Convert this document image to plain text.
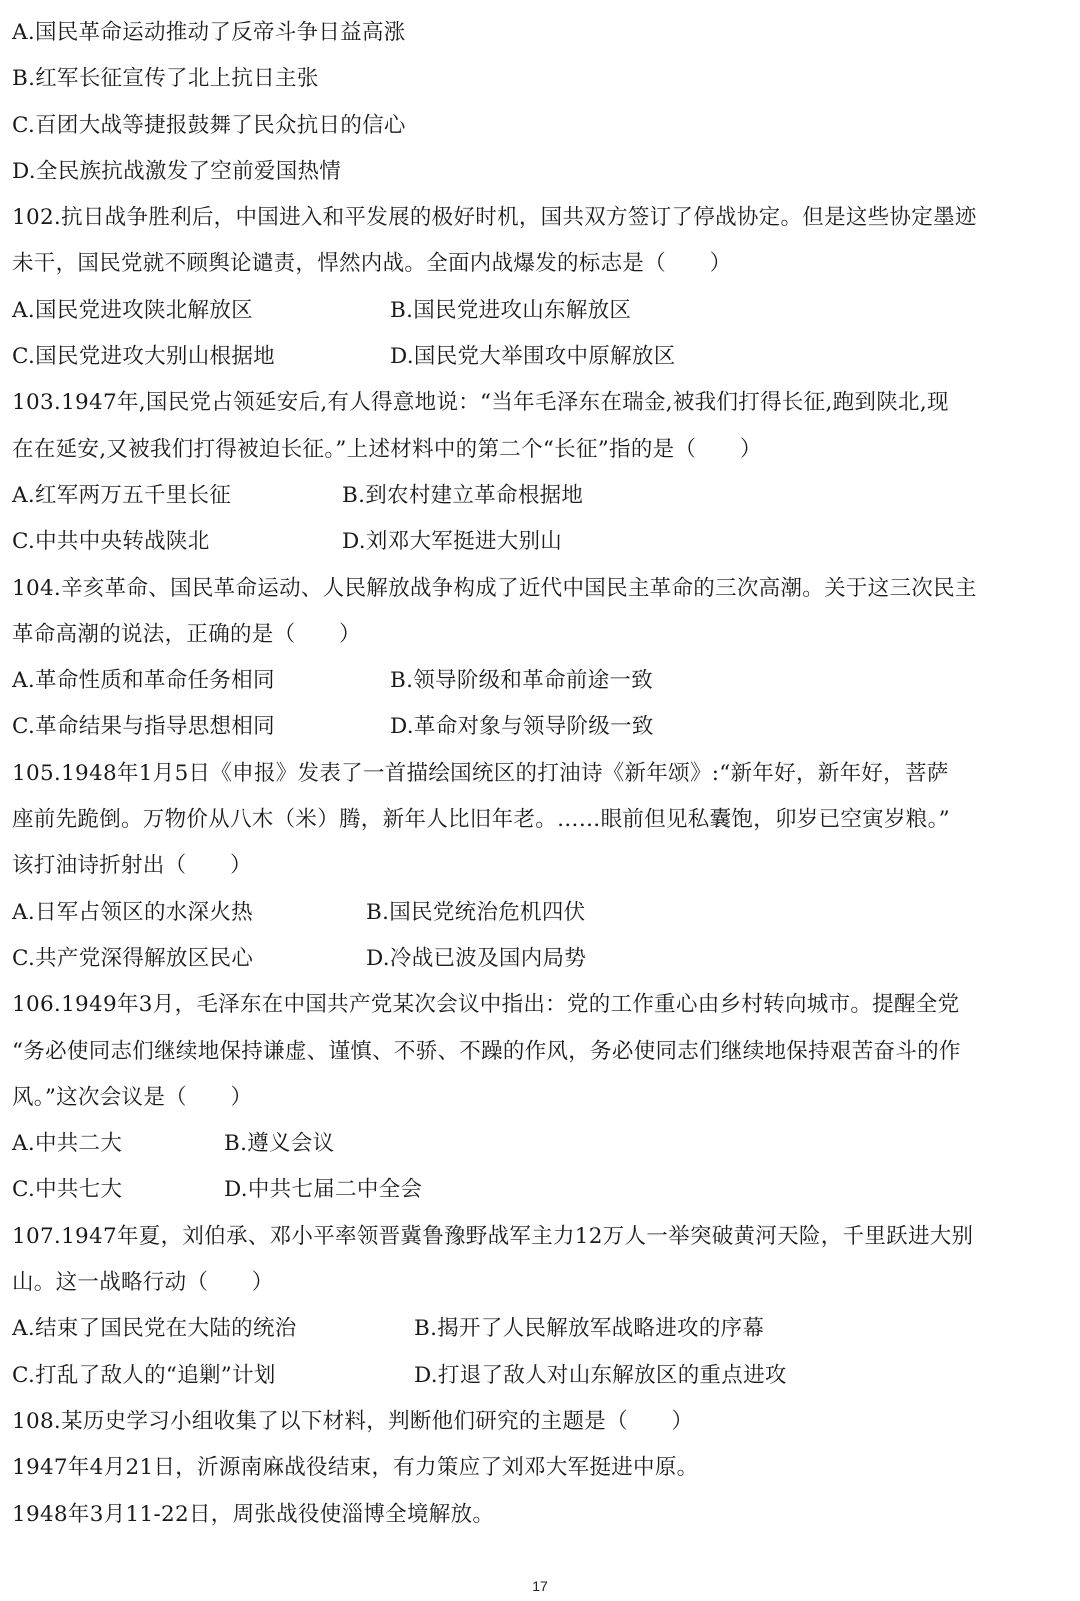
A.国民革命运动推动了反帝斗争日益高涨
B.红军长征宣传了北上抗日主张
C.百团大战等捷报鼓舞了民众抗日的信心
D.全民族抗战激发了空前爱国热情
102.抗日战争胜利后，中国进入和平发展的极好时机，国共双方签订了停战协定。但是这些协定墨迹
未干，国民党就不顾舆论谴责，悍然内战。全面内战爆发的标志是（　　）
A.国民党进攻陕北解放区	B.国民党进攻山东解放区
C.国民党进攻大别山根据地	D.国民党大举围攻中原解放区
103.1947年,国民党占领延安后,有人得意地说：“当年毛泽东在瑞金,被我们打得长征,跑到陕北,现
在在延安,又被我们打得被迫长征。”上述材料中的第二个“长征”指的是（　　）
A.红军两万五千里长征	B.到农村建立革命根据地
C.中共中央转战陕北	D.刘邓大军挺进大别山
104.辛亥革命、国民革命运动、人民解放战争构成了近代中国民主革命的三次高潮。关于这三次民主
革命高潮的说法，正确的是（　　）
A.革命性质和革命任务相同	B.领导阶级和革命前途一致
C.革命结果与指导思想相同	D.革命对象与领导阶级一致
105.1948年1月5日《申报》发表了一首描绘国统区的打油诗《新年颂》:“新年好，新年好，菩萨
座前先跪倒。万物价从八木（米）腾，新年人比旧年老。……眼前但见私囊饱，卯岁已空寅岁粮。”
该打油诗折射出（　　）
A.日军占领区的水深火热	B.国民党统治危机四伏
C.共产党深得解放区民心	D.冷战已波及国内局势
106.1949年3月，毛泽东在中国共产党某次会议中指出：党的工作重心由乡村转向城市。提醒全党
“务必使同志们继续地保持谦虚、谨慎、不骄、不躁的作风，务必使同志们继续地保持艰苦奋斗的作
风。”这次会议是（　　）
A.中共二大	B.遵义会议
C.中共七大	D.中共七届二中全会
107.1947年夏，刘伯承、邓小平率领晋冀鲁豫野战军主力12万人一举突破黄河天险，千里跃进大别
山。这一战略行动（　　）
A.结束了国民党在大陆的统治	B.揭开了人民解放军战略进攻的序幕
C.打乱了敌人的“追剿”计划	D.打退了敌人对山东解放区的重点进攻
108.某历史学习小组收集了以下材料，判断他们研究的主题是（　　）
1947年4月21日，沂源南麻战役结束，有力策应了刘邓大军挺进中原。
1948年3月11-22日，周张战役使淄博全境解放。
17
